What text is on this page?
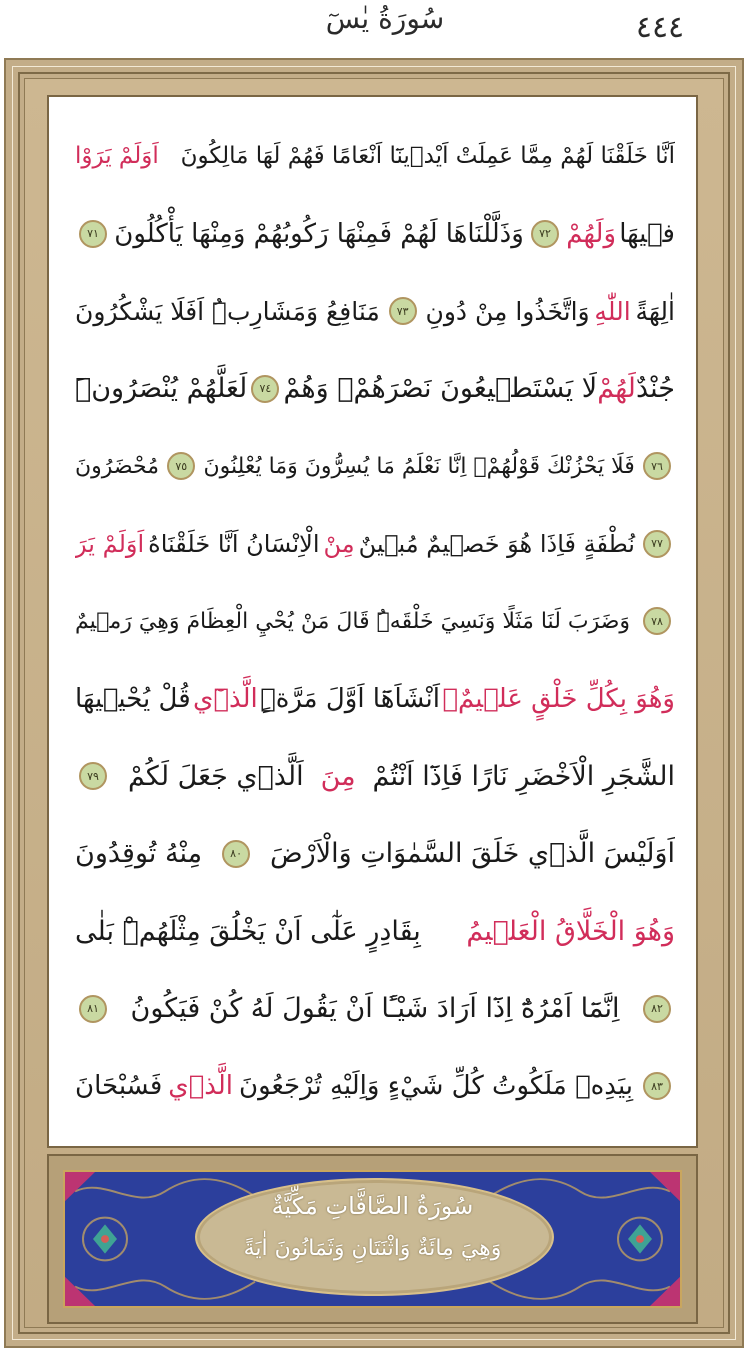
سُورَةُ يٰسٓ	٤٤٤
اَوَلَمْ يَرَوْا اَنَّا خَلَقْنَا لَهُمْ مِمَّا عَمِلَتْ اَيْد۪ينَٓا اَنْعَامًا فَهُمْ لَهَا مَالِكُونَ
٧١ وَذَلَّلْنَاهَا لَهُمْ فَمِنْهَا رَكُوبُهُمْ وَمِنْهَا يَأْكُلُونَ	٧٢ وَلَهُمْ ف۪يهَا
مَنَافِعُ وَمَشَارِبُۜ اَفَلَا يَشْكُرُونَ	٧٣ وَاتَّخَذُوا مِنْ دُونِ اللّٰهِ اٰلِهَةً
لَعَلَّهُمْ يُنْصَرُونَۜ	٧٤ لَا يَسْتَط۪يعُونَ نَصْرَهُمْۙ وَهُمْ لَهُمْ جُنْدٌ
مُحْضَرُونَ	٧٥ فَلَا يَحْزُنْكَ قَوْلُهُمْۢ اِنَّا نَعْلَمُ مَا يُسِرُّونَ وَمَا يُعْلِنُونَ	٧٦
اَوَلَمْ يَرَ الْاِنْسَانُ اَنَّا خَلَقْنَاهُ مِنْ نُطْفَةٍ فَاِذَا هُوَ خَص۪يمٌ مُب۪ينٌ	٧٧
وَضَرَبَ لَنَا مَثَلًا وَنَسِيَ خَلْقَهُۜ قَالَ مَنْ يُحْيِ الْعِظَامَ وَهِيَ رَم۪يمٌ	٧٨
قُلْ يُحْي۪يهَا الَّذ۪ٓي اَنْشَاَهَٓا اَوَّلَ مَرَّةٍۜ وَهُوَ بِكُلِّ خَلْقٍ عَل۪يمٌۙ
٧٩ اَلَّذ۪ي جَعَلَ لَكُمْ مِنَ الشَّجَرِ الْاَخْضَرِ نَارًا فَاِذَٓا اَنْتُمْ
مِنْهُ تُوقِدُونَ	٨٠ اَوَلَيْسَ الَّذ۪ي خَلَقَ السَّمٰوَاتِ وَالْاَرْضَ
بِقَادِرٍ عَلٰٓى اَنْ يَخْلُقَ مِثْلَهُمْۜ بَلٰى وَهُوَ الْخَلَّاقُ الْعَل۪يمُ
٨١ اِنَّمَٓا اَمْرُهُٓ اِذَٓا اَرَادَ شَيْـًٔا اَنْ يَقُولَ لَهُ كُنْ فَيَكُونُ	٨٢
فَسُبْحَانَ الَّذ۪ي بِيَدِه۪ مَلَكُوتُ كُلِّ شَيْءٍ وَاِلَيْهِ تُرْجَعُونَ	٨٣
سُورَةُ الصَّافَّاتِ مَكِّيَّةٌ
وَهِيَ مِائَةٌ وَاثْنَتَانِ وَثَمَانُونَ اٰيَةً
